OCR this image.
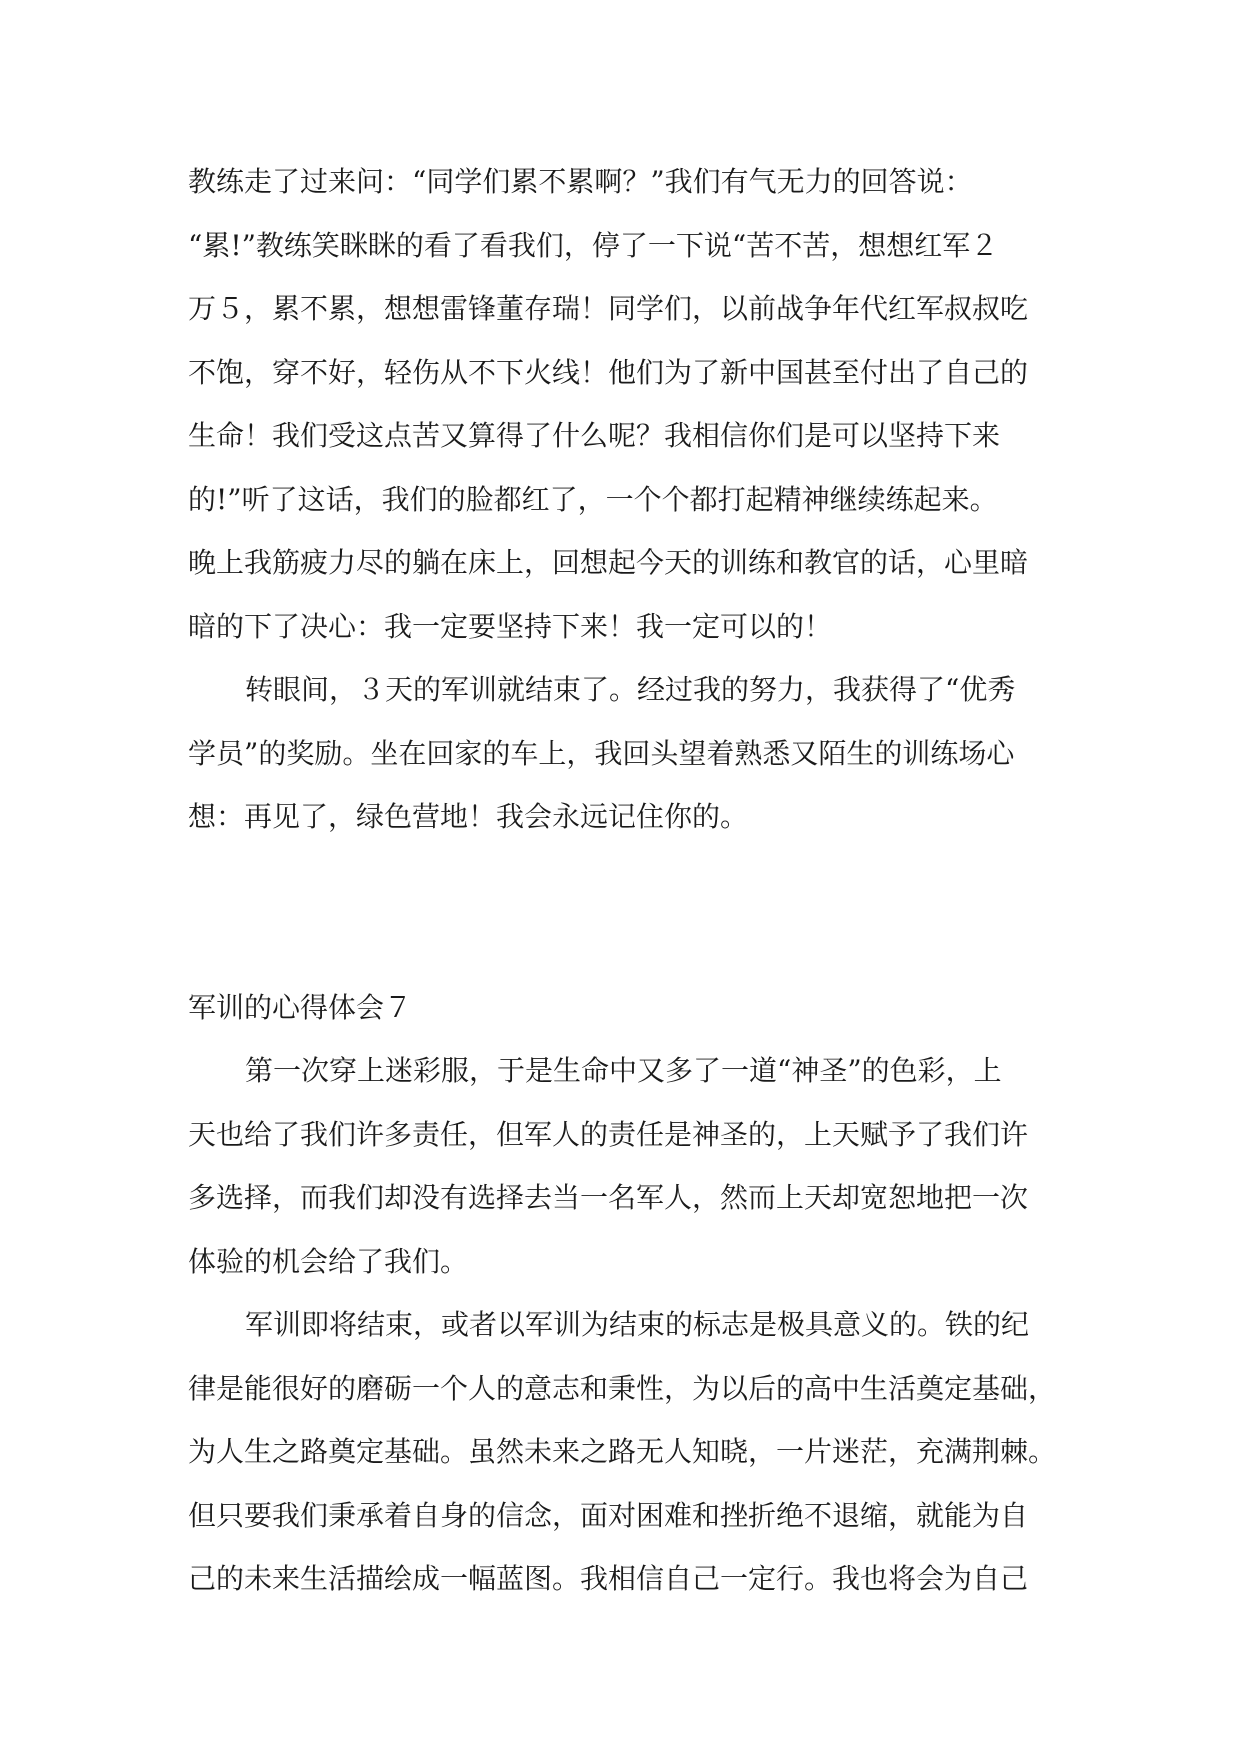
教练走了过来问：“同学们累不累啊？”我们有气无力的回答说：
“累!”教练笑眯眯的看了看我们，停了一下说“苦不苦，想想红军２
万５，累不累，想想雷锋董存瑞！同学们，以前战争年代红军叔叔吃
不饱，穿不好，轻伤从不下火线！他们为了新中国甚至付出了自己的
生命！我们受这点苦又算得了什么呢？我相信你们是可以坚持下来
的!”听了这话，我们的脸都红了，一个个都打起精神继续练起来。
晚上我筋疲力尽的躺在床上，回想起今天的训练和教官的话，心里暗
暗的下了决心：我一定要坚持下来！我一定可以的！
转眼间，３天的军训就结束了。经过我的努力，我获得了“优秀
学员”的奖励。坐在回家的车上，我回头望着熟悉又陌生的训练场心
想：再见了，绿色营地！我会永远记住你的。
军训的心得体会７
第一次穿上迷彩服，于是生命中又多了一道“神圣”的色彩，上
天也给了我们许多责任，但军人的责任是神圣的，上天赋予了我们许
多选择，而我们却没有选择去当一名军人，然而上天却宽恕地把一次
体验的机会给了我们。
军训即将结束，或者以军训为结束的标志是极具意义的。铁的纪
律是能很好的磨砺一个人的意志和秉性，为以后的高中生活奠定基础，
为人生之路奠定基础。虽然未来之路无人知晓，一片迷茫，充满荆棘。
但只要我们秉承着自身的信念，面对困难和挫折绝不退缩，就能为自
己的未来生活描绘成一幅蓝图。我相信自己一定行。我也将会为自己
